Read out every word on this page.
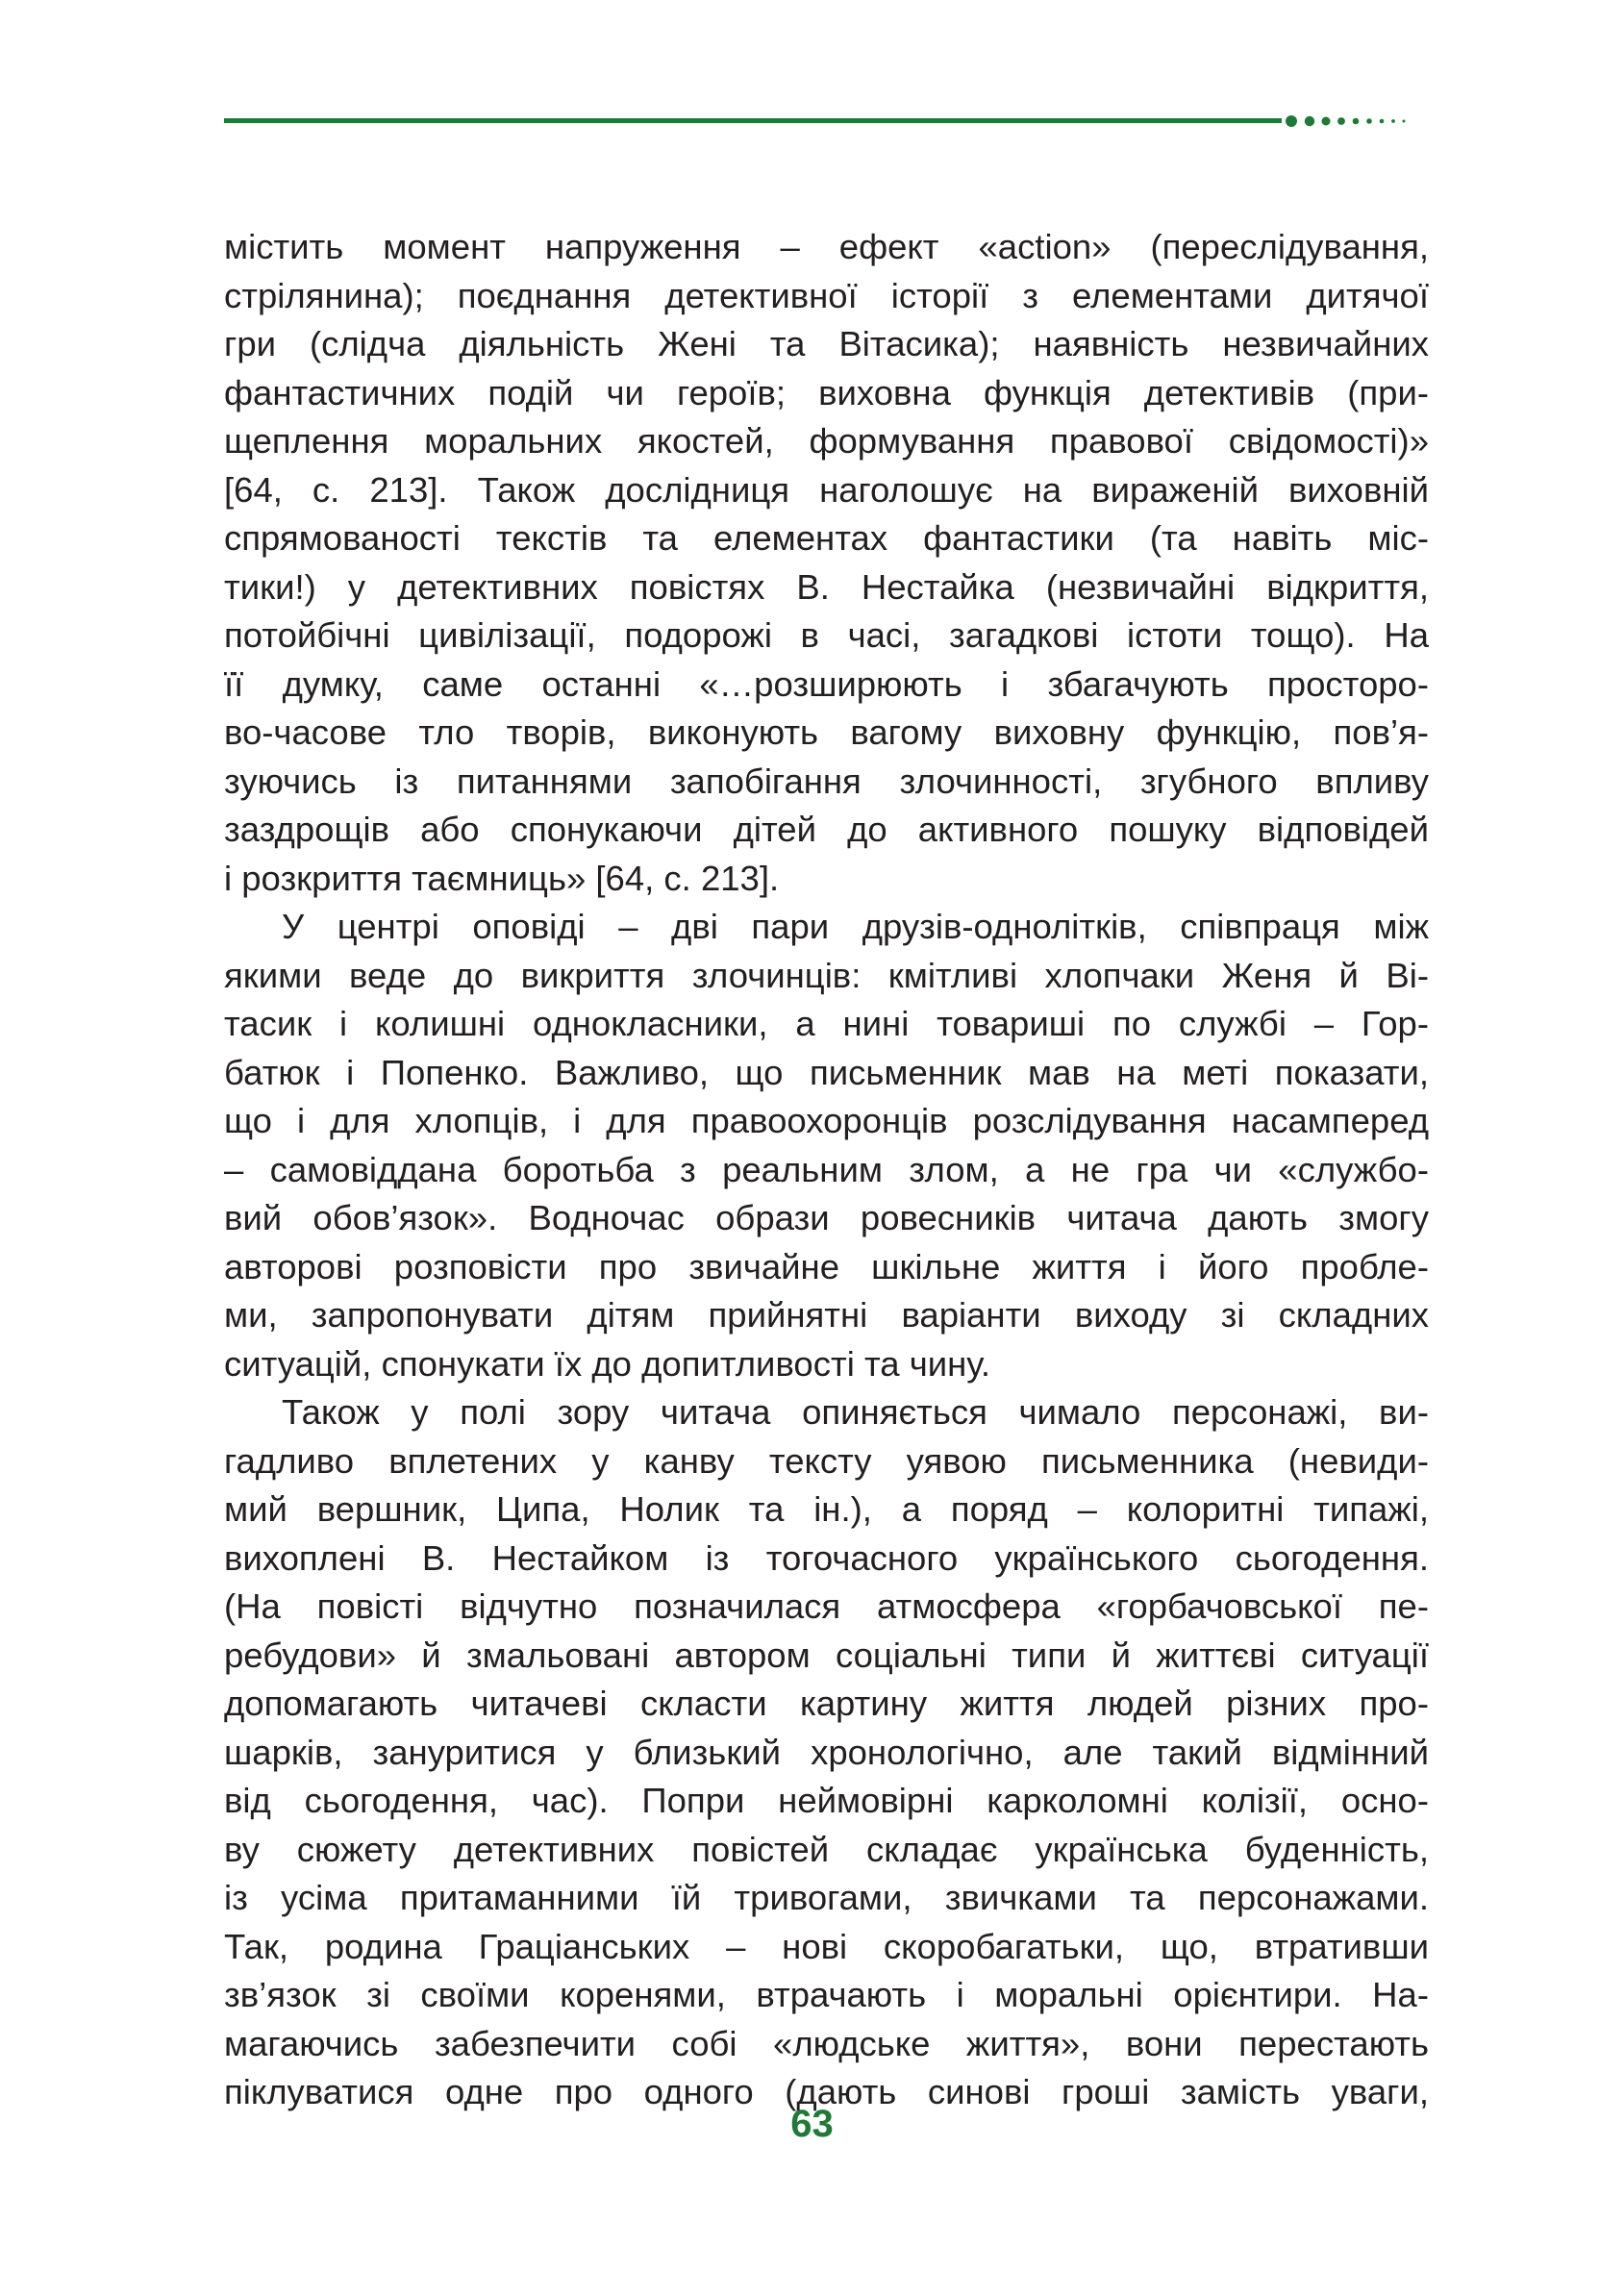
містить момент напруження – ефект «action» (переслідування,
стрілянина); поєднання детективної історії з елементами дитячої
гри (слідча діяльність Жені та Вітасика); наявність незвичайних
фантастичних подій чи героїв; виховна функція детективів (при-
щеплення моральних якостей, формування правової свідомості)»
[64, с. 213]. Також дослідниця наголошує на вираженій виховній
спрямованості текстів та елементах фантастики (та навіть міс-
тики!) у детективних повістях В. Нестайка (незвичайні відкриття,
потойбічні цивілізації, подорожі в часі, загадкові істоти тощо). На
її думку, саме останні «…розширюють і збагачують просторо-
во-часове тло творів, виконують вагому виховну функцію, пов’я-
зуючись із питаннями запобігання злочинності, згубного впливу
заздрощів або спонукаючи дітей до активного пошуку відповідей
і розкриття таємниць» [64, с. 213].
У центрі оповіді – дві пари друзів-однолітків, співпраця між
якими веде до викриття злочинців: кмітливі хлопчаки Женя й Ві-
тасик і колишні однокласники, а нині товариші по службі – Гор-
батюк і Попенко. Важливо, що письменник мав на меті показати,
що і для хлопців, і для правоохоронців розслідування насамперед
– самовіддана боротьба з реальним злом, а не гра чи «службо-
вий обов’язок». Водночас образи ровесників читача дають змогу
авторові розповісти про звичайне шкільне життя і його пробле-
ми, запропонувати дітям прийнятні варіанти виходу зі складних
ситуацій, спонукати їх до допитливості та чину.
Також у полі зору читача опиняється чимало персонажі, ви-
гадливо вплетених у канву тексту уявою письменника (невиди-
мий вершник, Ципа, Нолик та ін.), а поряд – колоритні типажі,
вихоплені В. Нестайком із тогочасного українського сьогодення.
(На повісті відчутно позначилася атмосфера «горбачовської пе-
ребудови» й змальовані автором соціальні типи й життєві ситуації
допомагають читачеві скласти картину життя людей різних про-
шарків, зануритися у близький хронологічно, але такий відмінний
від сьогодення, час). Попри неймовірні карколомні колізії, осно-
ву сюжету детективних повістей складає українська буденність,
із усіма притаманними їй тривогами, звичками та персонажами.
Так, родина Граціанських – нові скоробагатьки, що, втративши
зв’язок зі своїми коренями, втрачають і моральні орієнтири. На-
магаючись забезпечити собі «людське життя», вони перестають
піклуватися одне про одного (дають синові гроші замість уваги,
63
